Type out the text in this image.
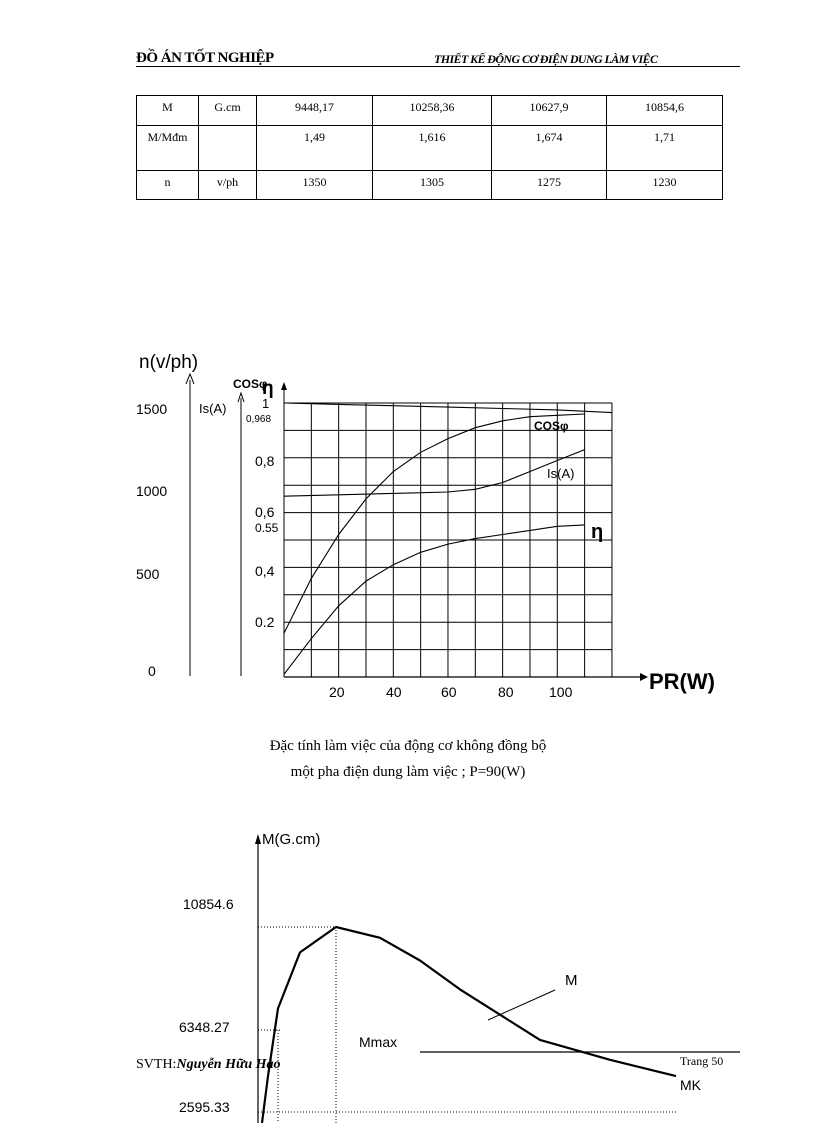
ĐỒ ÁN TỐT NGHIỆP	THIẾT KẾ ĐỘNG CƠ ĐIỆN DUNG LÀM VIỆC
M	G.cm	9448,17	10258,36	10627,9	10854,6
M/Mđm		1,49	1,616	1,674	1,71
n	v/ph	1350	1305	1275	1230
n(v/ph)
Is(A)
COSφ
η
1500
1000
500
0
1
0,968
0,8
0,6
0.55
0,4
0.2
20	40	60	80	100	PR(W)
COSφ
Is(A)
η
Đặc tính làm việc của động cơ không đồng bộ
một pha điện dung làm việc ; P=90(W)
M(G.cm)
10854.6
6348.27
2595.33
M
Mmax
MK
SVTH:Nguyễn Hữu Hào	Trang 50
